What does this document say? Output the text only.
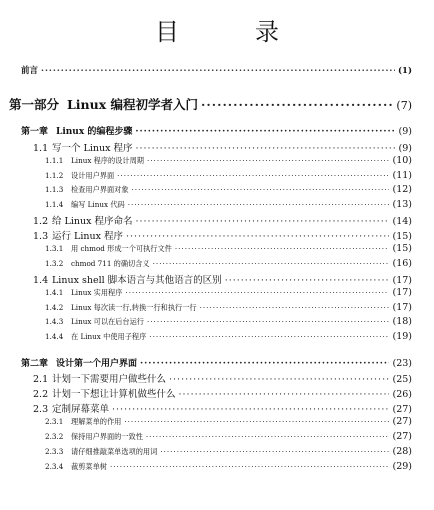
目　录
前言 ·····	(1)
第一部分 Linux 编程初学者入门 ·····	(7)
第一章 Linux 的编程步骤 ·····	(9)
1.1 写一个 Linux 程序 ·····	(9)
1.1.1 Linux 程序的设计周期 ·····	(10)
1.1.2 设计用户界面 ·····	(11)
1.1.3 检查用户界面对象 ·····	(12)
1.1.4 编写 Linux 代码 ·····	(13)
1.2 给 Linux 程序命名 ·····	(14)
1.3 运行 Linux 程序 ·····	(15)
1.3.1 用 chmod 形成一个可执行文件 ·····	(15)
1.3.2 chmod 711 的确切含义 ·····	(16)
1.4 Linux shell 脚本语言与其他语言的区别 ·····	(17)
1.4.1 Linux 实用程序 ·····	(17)
1.4.2 Linux 每次读一行,转换一行和执行一行 ·····	(17)
1.4.3 Linux 可以在后台运行 ·····	(18)
1.4.4 在 Linux 中使用子程序 ·····	(19)
第二章 设计第一个用户界面 ·····	(23)
2.1 计划一下需要用户做些什么 ·····	(25)
2.2 计划一下想让计算机做些什么 ·····	(26)
2.3 定制屏幕菜单 ·····	(27)
2.3.1 理解菜单的作用 ·····	(27)
2.3.2 保持用户界面的一致性 ·····	(27)
2.3.3 请仔细推敲菜单选项的用词 ·····	(28)
2.3.4 裁剪菜单树 ·····	(29)
